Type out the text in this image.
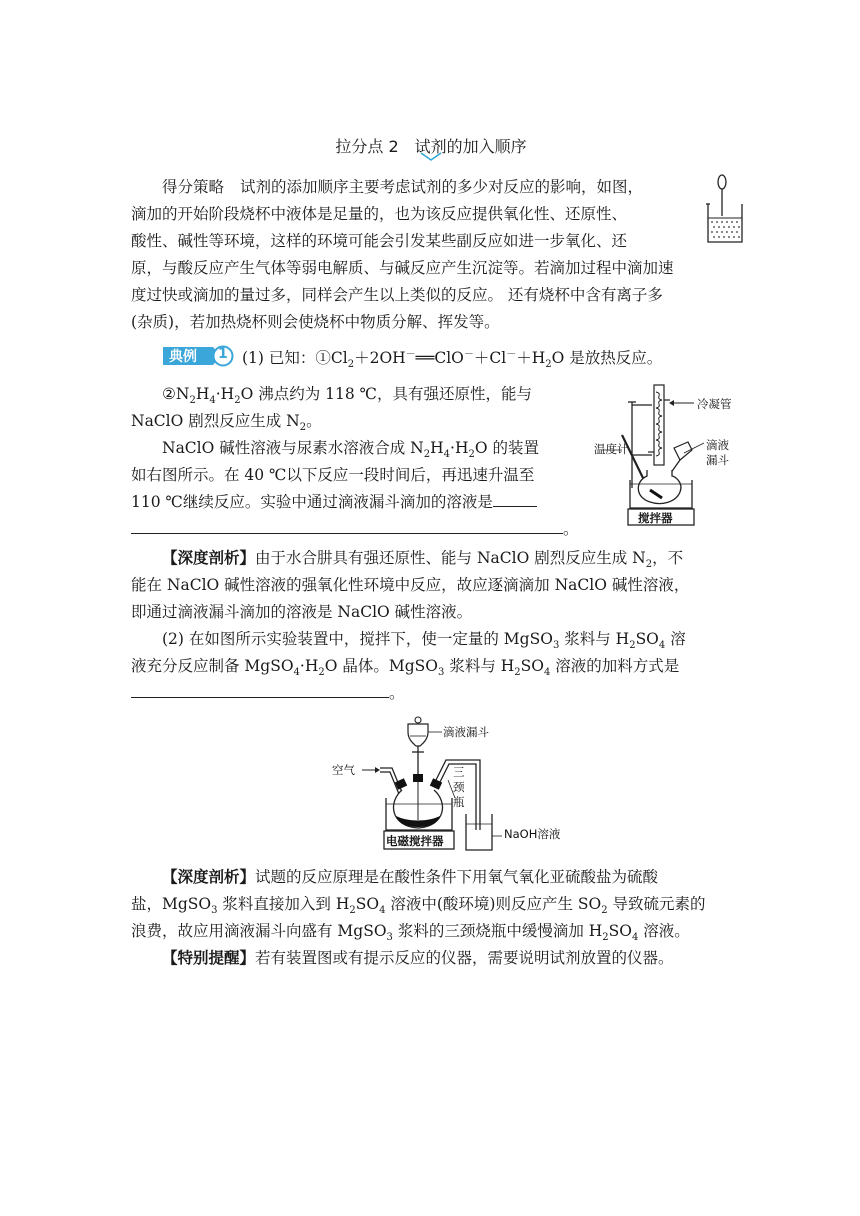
拉分点 2　试剂的加入顺序
得分策略 试剂的添加顺序主要考虑试剂的多少对反应的影响，如图，
滴加的开始阶段烧杯中液体是足量的，也为该反应提供氧化性、还原性、
酸性、碱性等环境，这样的环境可能会引发某些副反应如进一步氧化、还
原，与酸反应产生气体等弱电解质、与碱反应产生沉淀等。若滴加过程中滴加速
度过快或滴加的量过多，同样会产生以上类似的反应。 还有烧杯中含有离子多
(杂质)，若加热烧杯则会使烧杯中物质分解、挥发等。
典例 1 (1) 已知：$①Cl_2+2OH^-══ClO^-+Cl^-+H_2O$ 是放热反应。
$②N_2H_4\cdot H_2O$ 沸点约为 118 ℃，具有强还原性，能与
NaClO 剧烈反应生成 $N_2$。
NaClO 碱性溶液与尿素水溶液合成 $N_2H_4\cdot H_2O$ 的装置
如右图所示。在 40 ℃以下反应一段时间后，再迅速升温至
110 ℃继续反应。实验中通过滴液漏斗滴加的溶液是
。
冷凝管
温度计	滴液
漏斗
搅拌器
【深度剖析】由于水合肼具有强还原性、能与 NaClO 剧烈反应生成 $N_2$，不
能在 NaClO 碱性溶液的强氧化性环境中反应，故应逐滴滴加 NaClO 碱性溶液，
即通过滴液漏斗滴加的溶液是 NaClO 碱性溶液。
(2) 在如图所示实验装置中，搅拌下，使一定量的 MgSO$_3$ 浆料与 $H_2SO_4$ 溶
液充分反应制备 $MgSO_4\cdot H_2O$ 晶体。MgSO$_3$ 浆料与 $H_2SO_4$ 溶液的加料方式是
。
滴液漏斗
空气	三
颈
瓶
电磁搅拌器	NaOH溶液
【深度剖析】试题的反应原理是在酸性条件下用氧气氧化亚硫酸盐为硫酸
盐，MgSO$_3$ 浆料直接加入到 $H_2SO_4$ 溶液中(酸环境)则反应产生 $SO_2$ 导致硫元素的
浪费，故应用滴液漏斗向盛有 MgSO$_3$ 浆料的三颈烧瓶中缓慢滴加 $H_2SO_4$ 溶液。
【特别提醒】若有装置图或有提示反应的仪器，需要说明试剂放置的仪器。
